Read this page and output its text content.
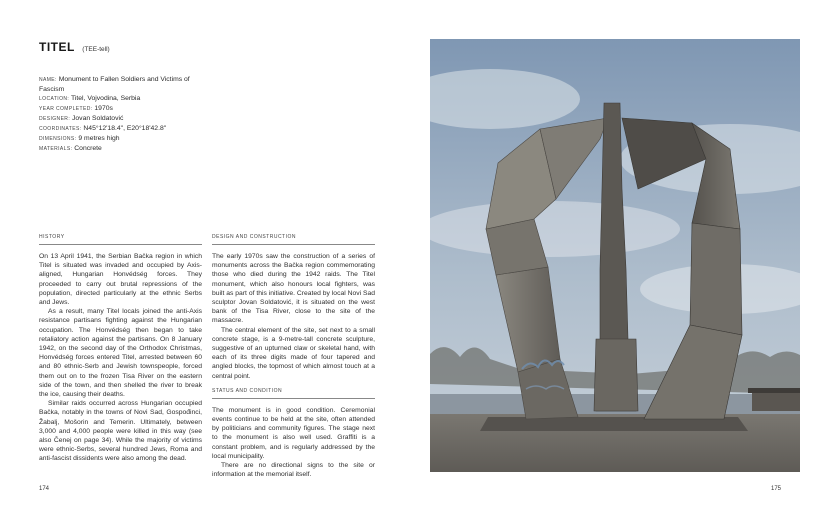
TITEL (TEE-tell)
NAME: Monument to Fallen Soldiers and Victims of Fascism
LOCATION: Titel, Vojvodina, Serbia
YEAR COMPLETED: 1970s
DESIGNER: Jovan Soldatović
COORDINATES: N45°12'18.4", E20°18'42.8"
DIMENSIONS: 9 metres high
MATERIALS: Concrete
HISTORY

On 13 April 1941, the Serbian Bačka region in which Titel is situated was invaded and occupied by Axis-aligned, Hungarian Honvédség forces. They proceeded to carry out brutal repressions of the population, directed particularly at the ethnic Serbs and Jews.

As a result, many Titel locals joined the anti-Axis resistance partisans fighting against the Hungarian occupation. The Honvédség then began to take retaliatory action against the partisans. On 8 January 1942, on the second day of the Orthodox Christmas, Honvédség forces entered Titel, arrested between 60 and 80 ethnic-Serb and Jewish townspeople, forced them out on to the frozen Tisa River on the eastern side of the town, and then shelled the river to break the ice, causing their deaths.

Similar raids occurred across Hungarian occupied Bačka, notably in the towns of Novi Sad, Gospođinci, Žabalj, Mošorin and Temerin. Ultimately, between 3,000 and 4,000 people were killed in this way (see also Čenej on page 34). While the majority of victims were ethnic-Serbs, several hundred Jews, Roma and anti-fascist dissidents were also among the dead.

DESIGN AND CONSTRUCTION

The early 1970s saw the construction of a series of monuments across the Bačka region commemorating those who died during the 1942 raids. The Titel monument, which also honours local fighters, was built as part of this initiative. Created by local Novi Sad sculptor Jovan Soldatović, it is situated on the west bank of the Tisa River, close to the site of the massacre.

The central element of the site, set next to a small concrete stage, is a 9-metre-tall concrete sculpture, suggestive of an upturned claw or skeletal hand, with each of its three digits made of four tapered and angled blocks, the topmost of which almost touch at a central point.

STATUS AND CONDITION

The monument is in good condition. Ceremonial events continue to be held at the site, often attended by politicians and community figures. The stage next to the monument is also well used. Graffiti is a constant problem, and is regularly addressed by the local municipality.

There are no directional signs to the site or information at the memorial itself.

174	175
